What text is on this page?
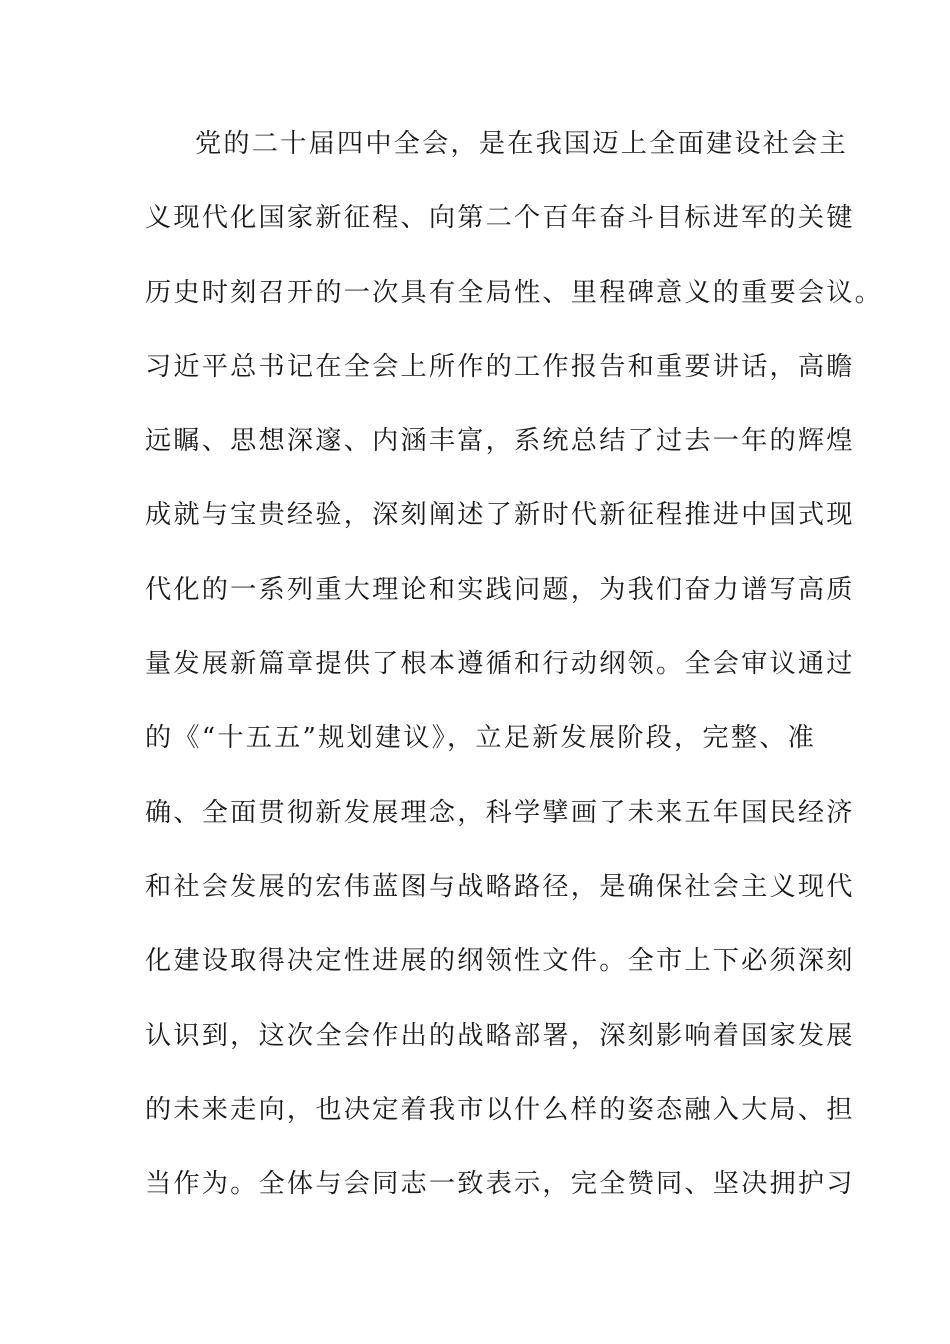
党的二十届四中全会，是在我国迈上全面建设社会主
义现代化国家新征程、向第二个百年奋斗目标进军的关键
历史时刻召开的一次具有全局性、里程碑意义的重要会议。
习近平总书记在全会上所作的工作报告和重要讲话，高瞻
远瞩、思想深邃、内涵丰富，系统总结了过去一年的辉煌
成就与宝贵经验，深刻阐述了新时代新征程推进中国式现
代化的一系列重大理论和实践问题，为我们奋力谱写高质
量发展新篇章提供了根本遵循和行动纲领。全会审议通过
的《“十五五”规划建议》，立足新发展阶段，完整、准
确、全面贯彻新发展理念，科学擘画了未来五年国民经济
和社会发展的宏伟蓝图与战略路径，是确保社会主义现代
化建设取得决定性进展的纲领性文件。全市上下必须深刻
认识到，这次全会作出的战略部署，深刻影响着国家发展
的未来走向，也决定着我市以什么样的姿态融入大局、担
当作为。全体与会同志一致表示，完全赞同、坚决拥护习
